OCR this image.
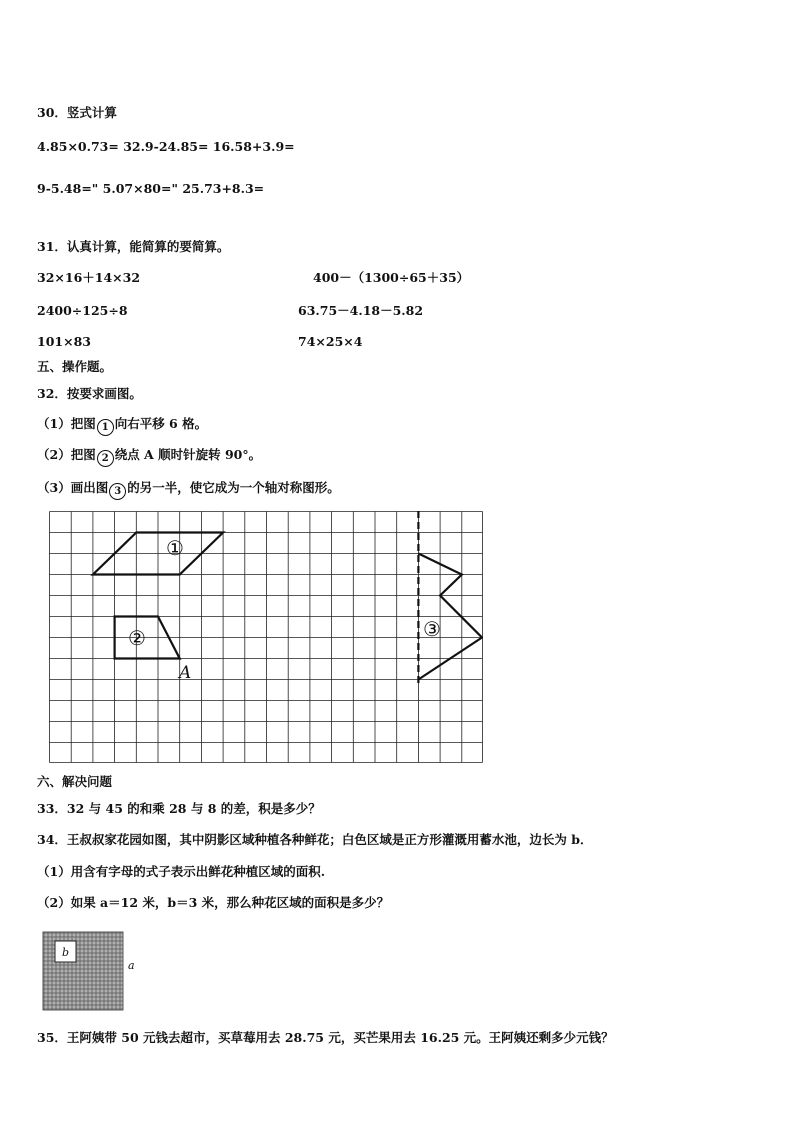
30．竖式计算
4.85×0.73= 32.9-24.85= 16.58+3.9=
9-5.48=" 5.07×80=" 25.73+8.3=
31．认真计算，能简算的要简算。
32×16＋14×32	400－（1300÷65＋35）
2400÷125÷8	63.75－4.18－5.82
101×83	74×25×4
五、操作题。
32．按要求画图。
（1）把图 1 向右平移 6 格。
（2）把图 2 绕点 A 顺时针旋转 90°。
（3）画出图 3 的另一半，使它成为一个轴对称图形。
①
②
A
③
六、解决问题
33．32 与 45 的和乘 28 与 8 的差，积是多少？
34．王叔叔家花园如图，其中阴影区域种植各种鲜花；白色区域是正方形灌溉用蓄水池，边长为 b．
（1）用含有字母的式子表示出鲜花种植区域的面积.
（2）如果 a＝12 米，b＝3 米，那么种花区域的面积是多少？
b
a
35．王阿姨带 50 元钱去超市，买草莓用去 28.75 元，买芒果用去 16.25 元。王阿姨还剩多少元钱？
